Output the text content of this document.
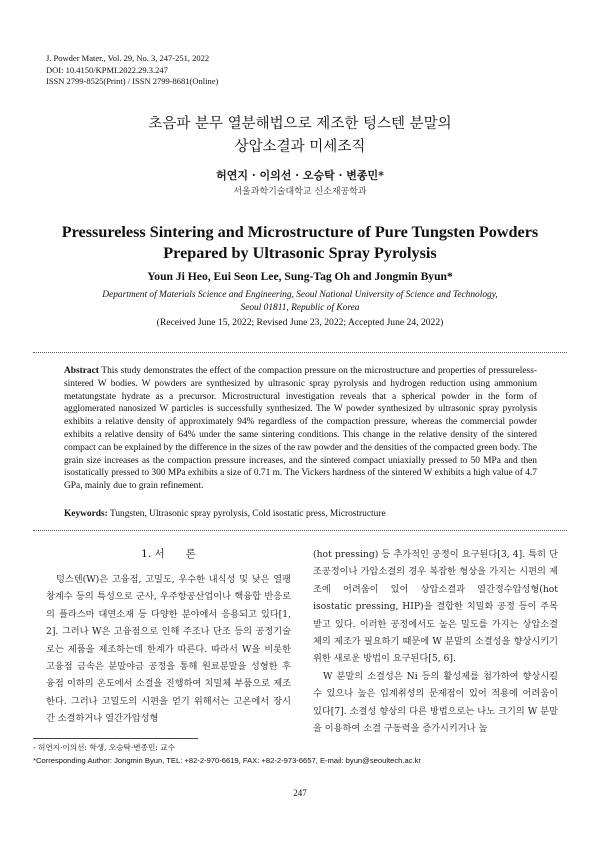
J. Powder Mater., Vol. 29, No. 3, 247-251, 2022
DOI: 10.4150/KPMI.2022.29.3.247
ISSN 2799-8525(Print) / ISSN 2799-8681(Online)
초음파 분무 열분해법으로 제조한 텅스텐 분말의
상압소결과 미세조직
허연지 · 이의선 · 오승탁 · 변종민*
서울과학기술대학교 신소재공학과
Pressureless Sintering and Microstructure of Pure Tungsten Powders Prepared by Ultrasonic Spray Pyrolysis
Youn Ji Heo, Eui Seon Lee, Sung-Tag Oh and Jongmin Byun*
Department of Materials Science and Engineering, Seoul National University of Science and Technology,
Seoul 01811, Republic of Korea
(Received June 15, 2022; Revised June 23, 2022; Accepted June 24, 2022)
Abstract This study demonstrates the effect of the compaction pressure on the microstructure and properties of pressureless-sintered W bodies. W powders are synthesized by ultrasonic spray pyrolysis and hydrogen reduction using ammonium metatungstate hydrate as a precursor. Microstructural investigation reveals that a spherical powder in the form of agglomerated nanosized W particles is successfully synthesized. The W powder synthesized by ultrasonic spray pyrolysis exhibits a relative density of approximately 94% regardless of the compaction pressure, whereas the commercial powder exhibits a relative density of 64% under the same sintering conditions. This change in the relative density of the sintered compact can be explained by the difference in the sizes of the raw powder and the densities of the compacted green body. The grain size increases as the compaction pressure increases, and the sintered compact uniaxially pressed to 50 MPa and then isostatically pressed to 300 MPa exhibits a size of 0.71 m. The Vickers hardness of the sintered W exhibits a high value of 4.7 GPa, mainly due to grain refinement.
Keywords: Tungsten, Ultrasonic spray pyrolysis, Cold isostatic press, Microstructure
1. 서　　론

텅스텐(W)은 고융점, 고밀도, 우수한 내식성 및 낮은 열팽창계수 등의 특성으로 군사, 우주항공산업이나 핵융합 반응로의 플라스마 대면소재 등 다양한 분야에서 응용되고 있다[1, 2]. 그러나 W은 고융점으로 인해 주조나 단조 등의 공정기술로는 제품을 제조하는데 한계가 따른다. 따라서 W을 비롯한 고융점 금속은 분말야금 공정을 통해 원료분말을 성형한 후 융점 이하의 온도에서 소결을 진행하여 치밀체 부품으로 제조한다. 그러나 고밀도의 시편을 얻기 위해서는 고온에서 장시간 소결하거나 열간가압성형

(hot pressing) 등 추가적인 공정이 요구된다[3, 4]. 특히 단조공정이나 가압소결의 경우 복잡한 형상을 가지는 시편의 제조에 어려움이 있어 상압소결과 열간정수압성형(hot isostatic pressing, HIP)을 결합한 치밀화 공정 등이 주목받고 있다. 이러한 공정에서도 높은 밀도를 가지는 상압소결체의 제조가 필요하기 때문에 W 분말의 소결성을 향상시키기 위한 새로운 방법이 요구된다[5, 6].

W 분말의 소결성은 Ni 등의 활성제를 첨가하여 향상시킬 수 있으나 높은 입계취성의 문제점이 있어 적용에 어려움이 있다[7]. 소결성 향상의 다른 방법으로는 나노 크기의 W 분말을 이용하여 소결 구동력을 증가시키거나 높

- 허연지·이의선: 학생, 오승탁·변종민: 교수
*Corresponding Author: Jongmin Byun, TEL: +82-2-970-6619, FAX: +82-2-973-6657, E-mail: byun@seoultech.ac.kr
247
